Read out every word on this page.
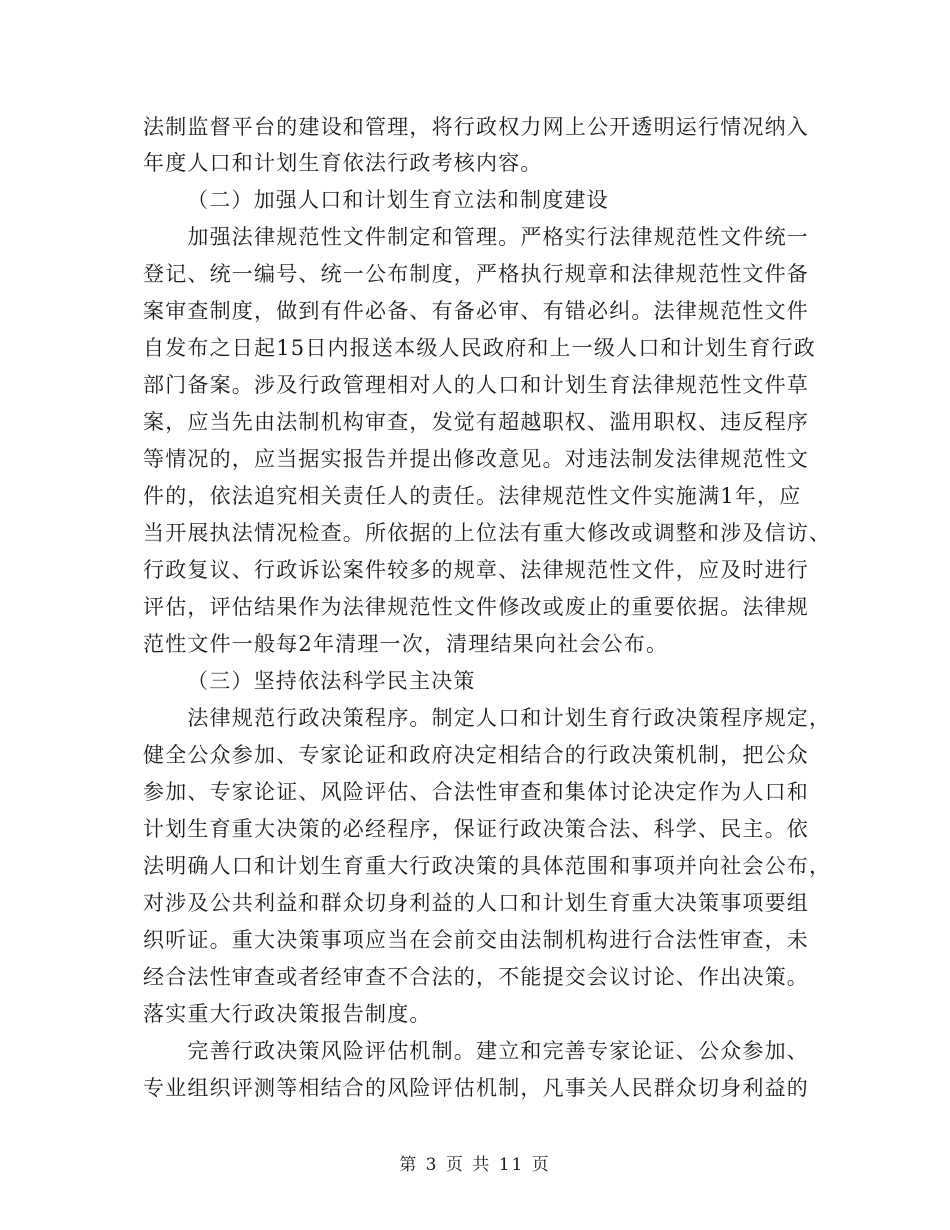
法制监督平台的建设和管理，将行政权力网上公开透明运行情况纳入
年度人口和计划生育依法行政考核内容。
（二）加强人口和计划生育立法和制度建设
　　加强法律规范性文件制定和管理。严格实行法律规范性文件统一
登记、统一编号、统一公布制度，严格执行规章和法律规范性文件备
案审查制度，做到有件必备、有备必审、有错必纠。法律规范性文件
自发布之日起15日内报送本级人民政府和上一级人口和计划生育行政
部门备案。涉及行政管理相对人的人口和计划生育法律规范性文件草
案，应当先由法制机构审查，发觉有超越职权、滥用职权、违反程序
等情况的，应当据实报告并提出修改意见。对违法制发法律规范性文
件的，依法追究相关责任人的责任。法律规范性文件实施满1年，应
当开展执法情况检查。所依据的上位法有重大修改或调整和涉及信访、
行政复议、行政诉讼案件较多的规章、法律规范性文件，应及时进行
评估，评估结果作为法律规范性文件修改或废止的重要依据。法律规
范性文件一般每2年清理一次，清理结果向社会公布。
（三）坚持依法科学民主决策
　　法律规范行政决策程序。制定人口和计划生育行政决策程序规定，
健全公众参加、专家论证和政府决定相结合的行政决策机制，把公众
参加、专家论证、风险评估、合法性审查和集体讨论决定作为人口和
计划生育重大决策的必经程序，保证行政决策合法、科学、民主。依
法明确人口和计划生育重大行政决策的具体范围和事项并向社会公布，
对涉及公共利益和群众切身利益的人口和计划生育重大决策事项要组
织听证。重大决策事项应当在会前交由法制机构进行合法性审查，未
经合法性审查或者经审查不合法的，不能提交会议讨论、作出决策。
落实重大行政决策报告制度。
　　完善行政决策风险评估机制。建立和完善专家论证、公众参加、
专业组织评测等相结合的风险评估机制，凡事关人民群众切身利益的
第 3 页 共 11 页
